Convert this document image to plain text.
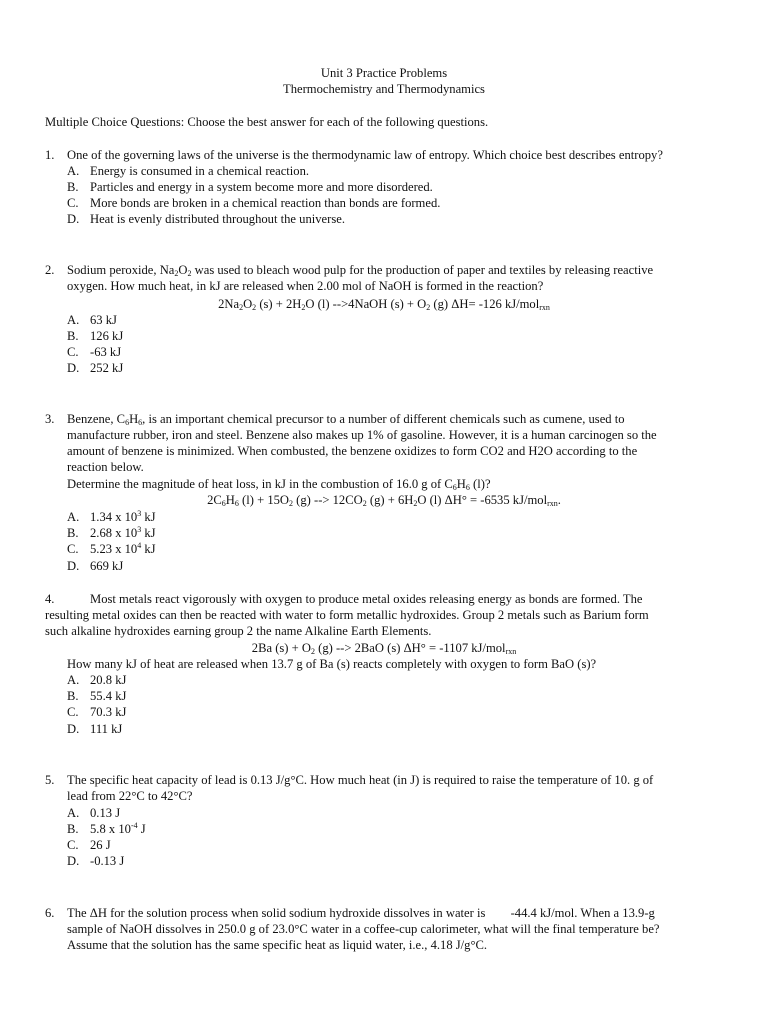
Unit 3 Practice Problems
Thermochemistry and Thermodynamics
Multiple Choice Questions: Choose the best answer for each of the following questions.
1. One of the governing laws of the universe is the thermodynamic law of entropy. Which choice best describes entropy?
A. Energy is consumed in a chemical reaction.
B. Particles and energy in a system become more and more disordered.
C. More bonds are broken in a chemical reaction than bonds are formed.
D. Heat is evenly distributed throughout the universe.
2. Sodium peroxide, $Na_2O_2$ was used to bleach wood pulp for the production of paper and textiles by releasing reactive
oxygen. How much heat, in kJ are released when 2.00 mol of NaOH is formed in the reaction?
$2Na_2O_2$ $(s) + 2H_2O$ (l) -->4NaOH $(s) + O_2$ (g) ΔH= -126 kJ/mol$_{rxn}$
A. 63 kJ
B. 126 kJ
C. -63 kJ
D. 252 kJ
3. Benzene, $C_6H_6$, is an important chemical precursor to a number of different chemicals such as cumene, used to
manufacture rubber, iron and steel. Benzene also makes up 1% of gasoline. However, it is a human carcinogen so the
amount of benzene is minimized. When combusted, the benzene oxidizes to form CO2 and H2O according to the
reaction below.
Determine the magnitude of heat loss, in kJ in the combustion of 16.0 g of $C_6H_6$ (l)?
$2C_6H_6$ $(l) + 15O_2$ (g) --> $12CO_2$ $(g) + 6H_2O$ (l) ΔH° = -6535 kJ/mol$_{rxn}$.
A. 1.34 x $10^3$ kJ
B. 2.68 x $10^3$ kJ
C. 5.23 x $10^4$ kJ
D. 669 kJ
4.	Most metals react vigorously with oxygen to produce metal oxides releasing energy as bonds are formed. The
resulting metal oxides can then be reacted with water to form metallic hydroxides. Group 2 metals such as Barium form
such alkaline hydroxides earning group 2 the name Alkaline Earth Elements.
2Ba $(s) + O_2$ (g) --> 2BaO (s) ΔH° = -1107 kJ/mol$_{rxn}$
How many kJ of heat are released when 13.7 g of Ba (s) reacts completely with oxygen to form BaO (s)?
A. 20.8 kJ
B. 55.4 kJ
C. 70.3 kJ
D. 111 kJ
5. The specific heat capacity of lead is 0.13 J/g°C. How much heat (in J) is required to raise the temperature of 10. g of
lead from 22°C to 42°C?
A. 0.13 J
B. 5.8 x $10^{-4}$ J
C. 26 J
D. -0.13 J
6. The ΔH for the solution process when solid sodium hydroxide dissolves in water is        -44.4 kJ/mol. When a 13.9-g
sample of NaOH dissolves in 250.0 g of 23.0°C water in a coffee-cup calorimeter, what will the final temperature be?
Assume that the solution has the same specific heat as liquid water, i.e., 4.18 J/g°C.
